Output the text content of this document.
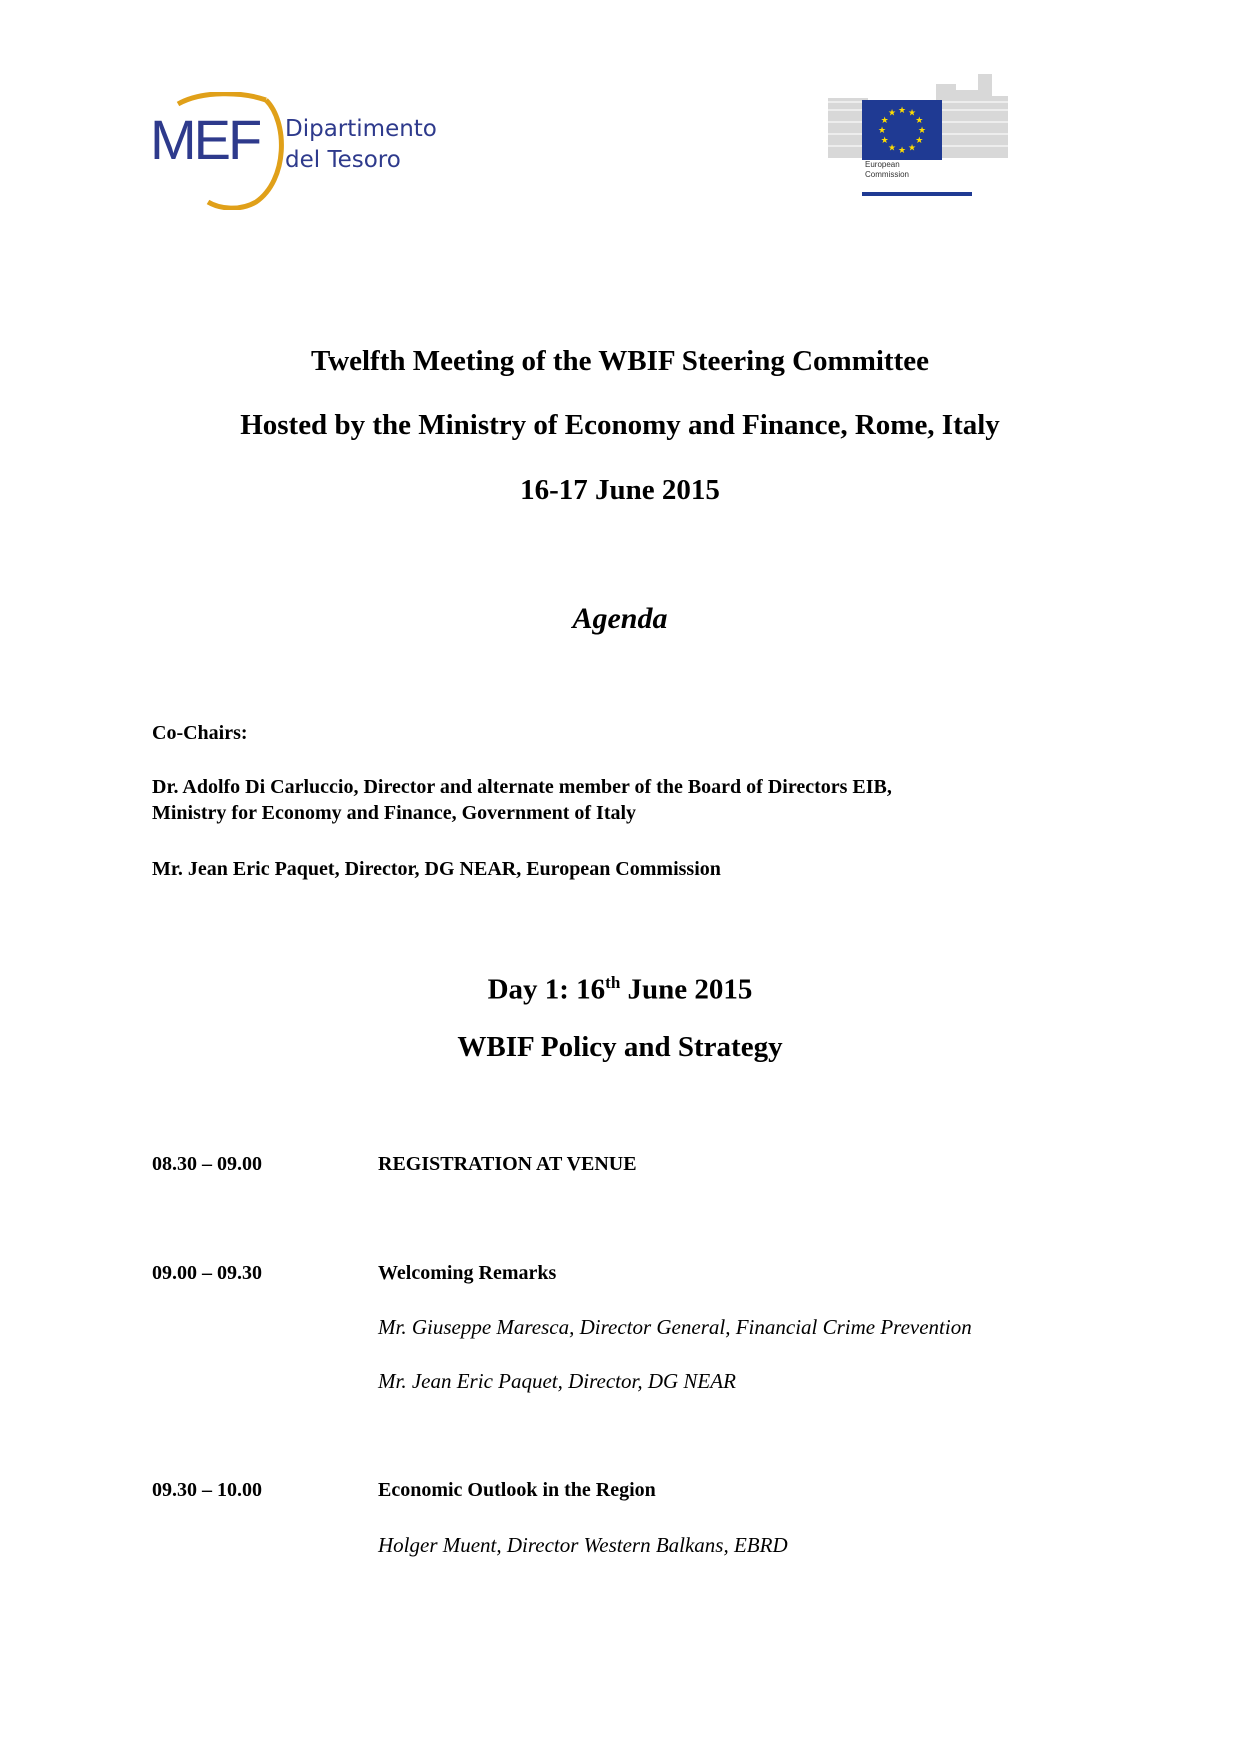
MEF Dipartimento
del Tesoro
★ ★
★
★
★
★
★
★
★
★
★
★
European
Commission
Twelfth Meeting of the WBIF Steering Committee
Hosted by the Ministry of Economy and Finance, Rome, Italy
16-17 June 2015
Agenda
Co-Chairs:
Dr. Adolfo Di Carluccio, Director and alternate member of the Board of Directors EIB,
Ministry for Economy and Finance, Government of Italy
Mr. Jean Eric Paquet, Director, DG NEAR, European Commission
Day 1: 16th June 2015
WBIF Policy and Strategy
08.30 – 09.00	REGISTRATION AT VENUE
09.00 – 09.30	Welcoming Remarks
Mr. Giuseppe Maresca, Director General, Financial Crime Prevention
Mr. Jean Eric Paquet, Director, DG NEAR
09.30 – 10.00	Economic Outlook in the Region
Holger Muent, Director Western Balkans, EBRD
